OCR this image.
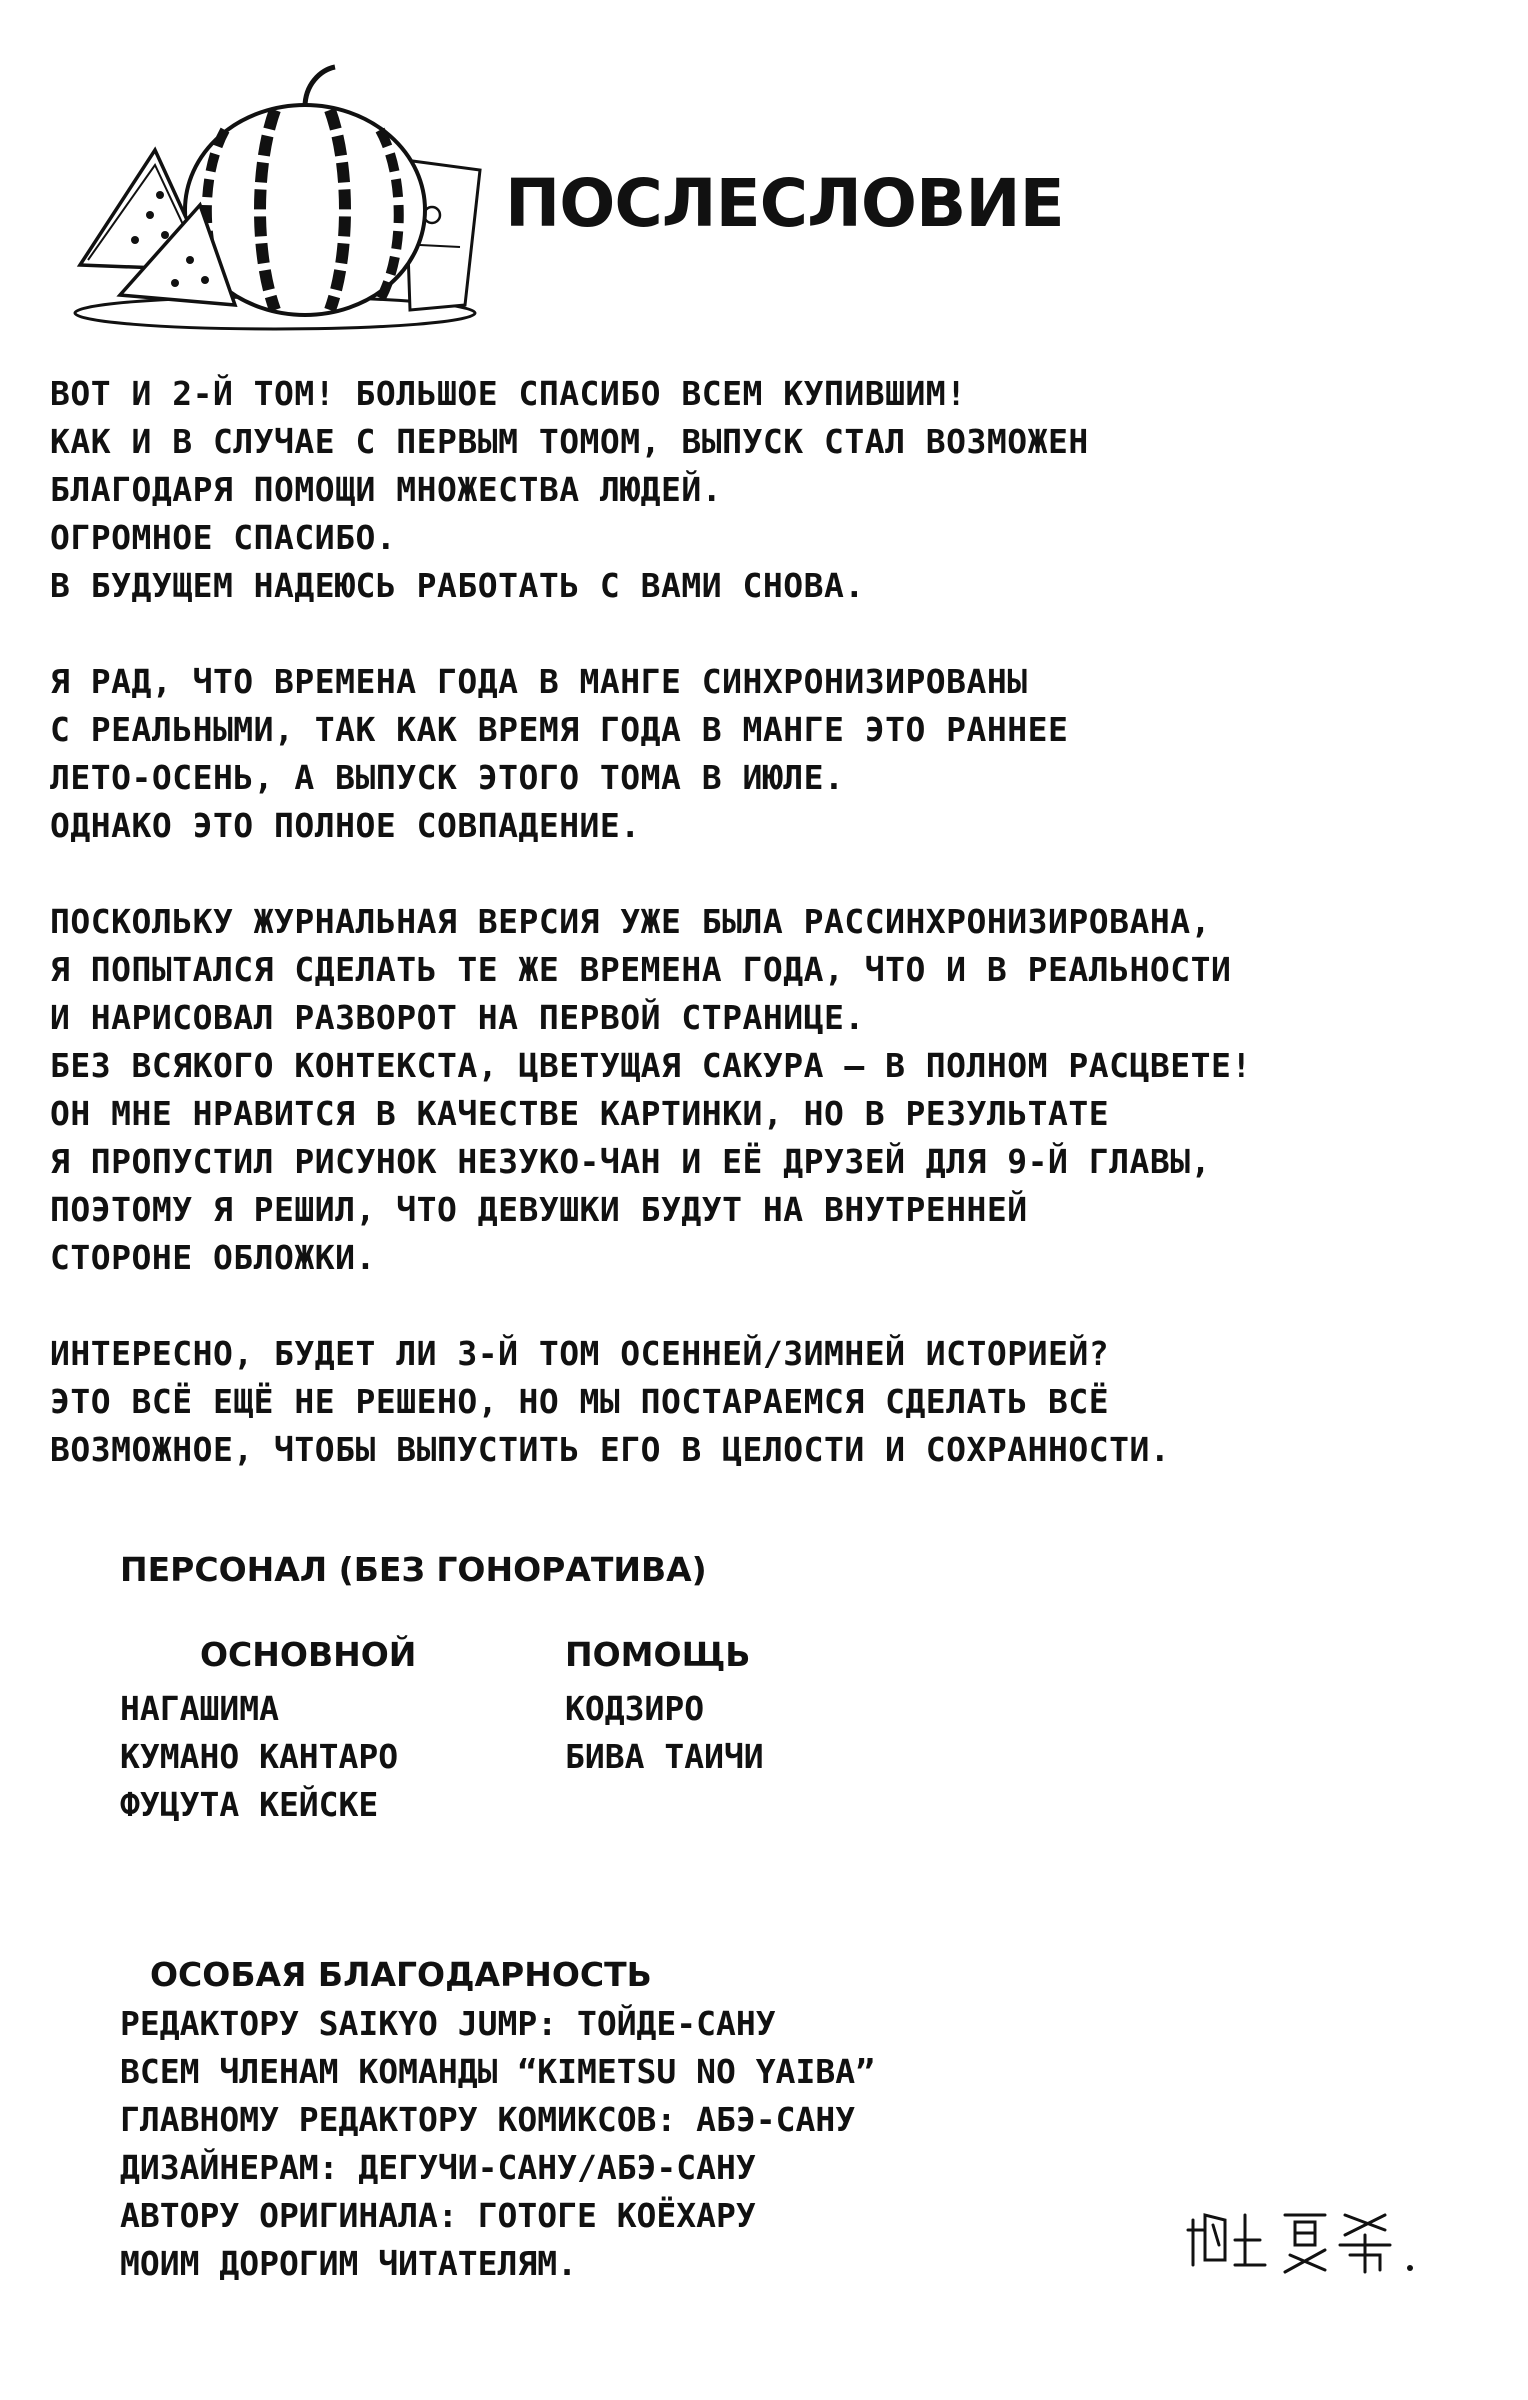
ПОСЛЕСЛОВИЕ

ВОТ И 2-Й ТОМ! БОЛЬШОЕ СПАСИБО ВСЕМ КУПИВШИМ!
КАК И В СЛУЧАЕ С ПЕРВЫМ ТОМОМ, ВЫПУСК СТАЛ ВОЗМОЖЕН
БЛАГОДАРЯ ПОМОЩИ МНОЖЕСТВА ЛЮДЕЙ.
ОГРОМНОЕ СПАСИБО.
В БУДУЩЕМ НАДЕЮСЬ РАБОТАТЬ С ВАМИ СНОВА.

Я РАД, ЧТО ВРЕМЕНА ГОДА В МАНГЕ СИНХРОНИЗИРОВАНЫ
С РЕАЛЬНЫМИ, ТАК КАК ВРЕМЯ ГОДА В МАНГЕ ЭТО РАННЕЕ
ЛЕТО-ОСЕНЬ, А ВЫПУСК ЭТОГО ТОМА В ИЮЛЕ.
ОДНАКО ЭТО ПОЛНОЕ СОВПАДЕНИЕ.

ПОСКОЛЬКУ ЖУРНАЛЬНАЯ ВЕРСИЯ УЖЕ БЫЛА РАССИНХРОНИЗИРОВАНА,
Я ПОПЫТАЛСЯ СДЕЛАТЬ ТЕ ЖЕ ВРЕМЕНА ГОДА, ЧТО И В РЕАЛЬНОСТИ
И НАРИСОВАЛ РАЗВОРОТ НА ПЕРВОЙ СТРАНИЦЕ.
БЕЗ ВСЯКОГО КОНТЕКСТА, ЦВЕТУЩАЯ САКУРА – В ПОЛНОМ РАСЦВЕТЕ!
ОН МНЕ НРАВИТСЯ В КАЧЕСТВЕ КАРТИНКИ, НО В РЕЗУЛЬТАТЕ
Я ПРОПУСТИЛ РИСУНОК НЕЗУКО-ЧАН И ЕЁ ДРУЗЕЙ ДЛЯ 9-Й ГЛАВЫ,
ПОЭТОМУ Я РЕШИЛ, ЧТО ДЕВУШКИ БУДУТ НА ВНУТРЕННЕЙ
СТОРОНЕ ОБЛОЖКИ.

ИНТЕРЕСНО, БУДЕТ ЛИ 3-Й ТОМ ОСЕННЕЙ/ЗИМНЕЙ ИСТОРИЕЙ?
ЭТО ВСЁ ЕЩЁ НЕ РЕШЕНО, НО МЫ ПОСТАРАЕМСЯ СДЕЛАТЬ ВСЁ
ВОЗМОЖНОЕ, ЧТОБЫ ВЫПУСТИТЬ ЕГО В ЦЕЛОСТИ И СОХРАННОСТИ.

ПЕРСОНАЛ (БЕЗ ГОНОРАТИВА)
ОСНОВНОЙ	ПОМОЩЬ
НАГАШИМА
КУМАНО КАНТАРО
ФУЦУТА КЕЙСКЕ
КОДЗИРО
БИВА ТАИЧИ
ОСОБАЯ БЛАГОДАРНОСТЬ
РЕДАКТОРУ SAIKYO JUMP: ТОЙДЕ-САНУ
ВСЕМ ЧЛЕНАМ КОМАНДЫ “KIMETSU NO YAIBA”
ГЛАВНОМУ РЕДАКТОРУ КОМИКСОВ: АБЭ-САНУ
ДИЗАЙНЕРАМ: ДЕГУЧИ-САНУ/АБЭ-САНУ
АВТОРУ ОРИГИНАЛА: ГОТОГЕ КОЁХАРУ
МОИМ ДОРОГИМ ЧИТАТЕЛЯМ.
